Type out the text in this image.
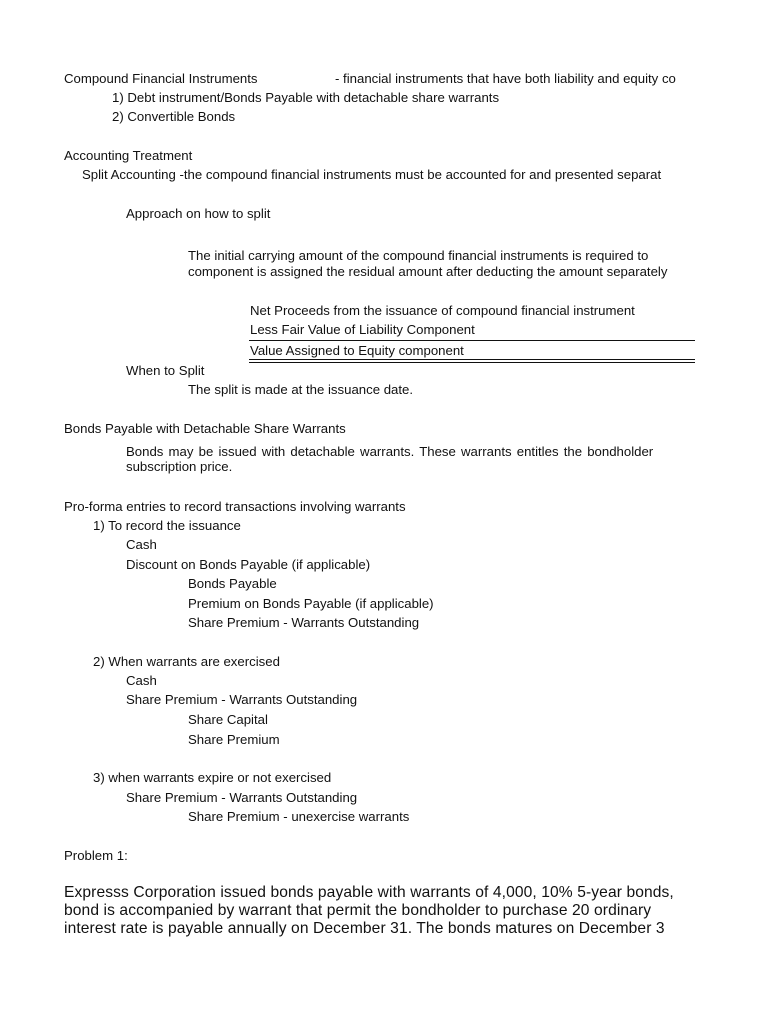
Compound Financial Instruments	- financial instruments that have both liability and equity co
1) Debt instrument/Bonds Payable with detachable share warrants
2) Convertible Bonds
Accounting Treatment
Split Accounting -the compound financial instruments must be accounted for and presented separat
Approach on how to split
The initial carrying amount of the compound financial instruments is required to
component is assigned the residual amount after deducting the amount separately
Net Proceeds from the issuance of compound financial instrument
Less Fair Value of Liability Component
Value Assigned to Equity component
When to Split
The split is made at the issuance date.
Bonds Payable with Detachable Share Warrants
Bonds may be issued with detachable warrants. These warrants entitles the bondholder
subscription price.
Pro-forma entries to record transactions involving warrants
1) To record the issuance
Cash
Discount on Bonds Payable (if applicable)
Bonds Payable
Premium on Bonds Payable (if applicable)
Share Premium - Warrants Outstanding
2) When warrants are exercised
Cash
Share Premium - Warrants Outstanding
Share Capital
Share Premium
3) when warrants expire or not exercised
Share Premium - Warrants Outstanding
Share Premium - unexercise warrants
Problem 1:
Expresss Corporation issued bonds payable with warrants of 4,000, 10% 5-year bonds,
bond is accompanied by warrant that permit the bondholder to purchase 20 ordinary
interest rate is payable annually on December 31. The bonds matures on December 3
